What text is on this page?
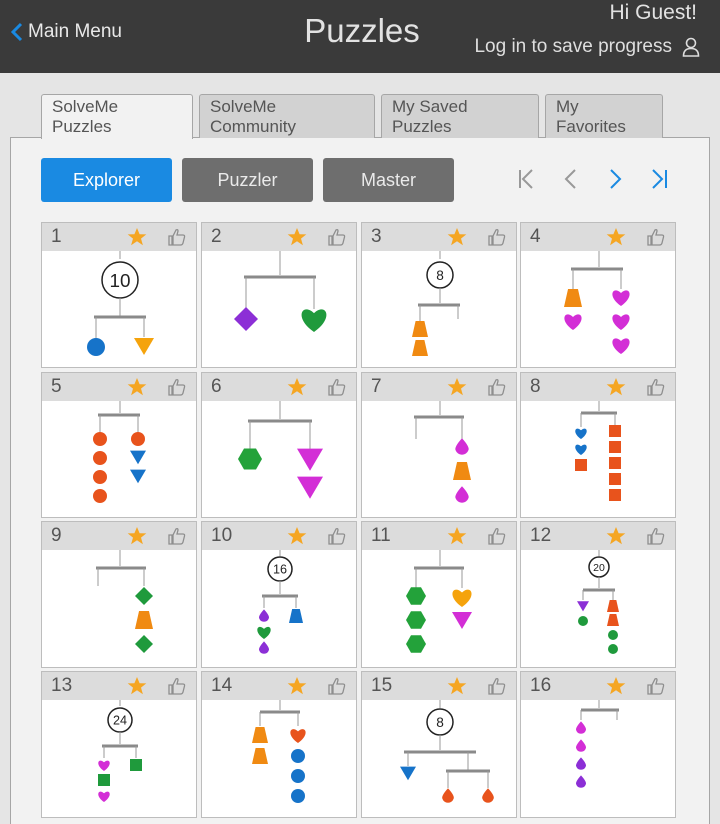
Main Menu	Puzzles	Hi Guest!
Log in to save progress
SolveMe Puzzles
SolveMe Community
My Saved Puzzles
My Favorites
Explorer	Puzzler	Master
1
10
2	3
8
4
5	6	7	8
9	10
16
11	12
20
13
24
14	15
8
16
